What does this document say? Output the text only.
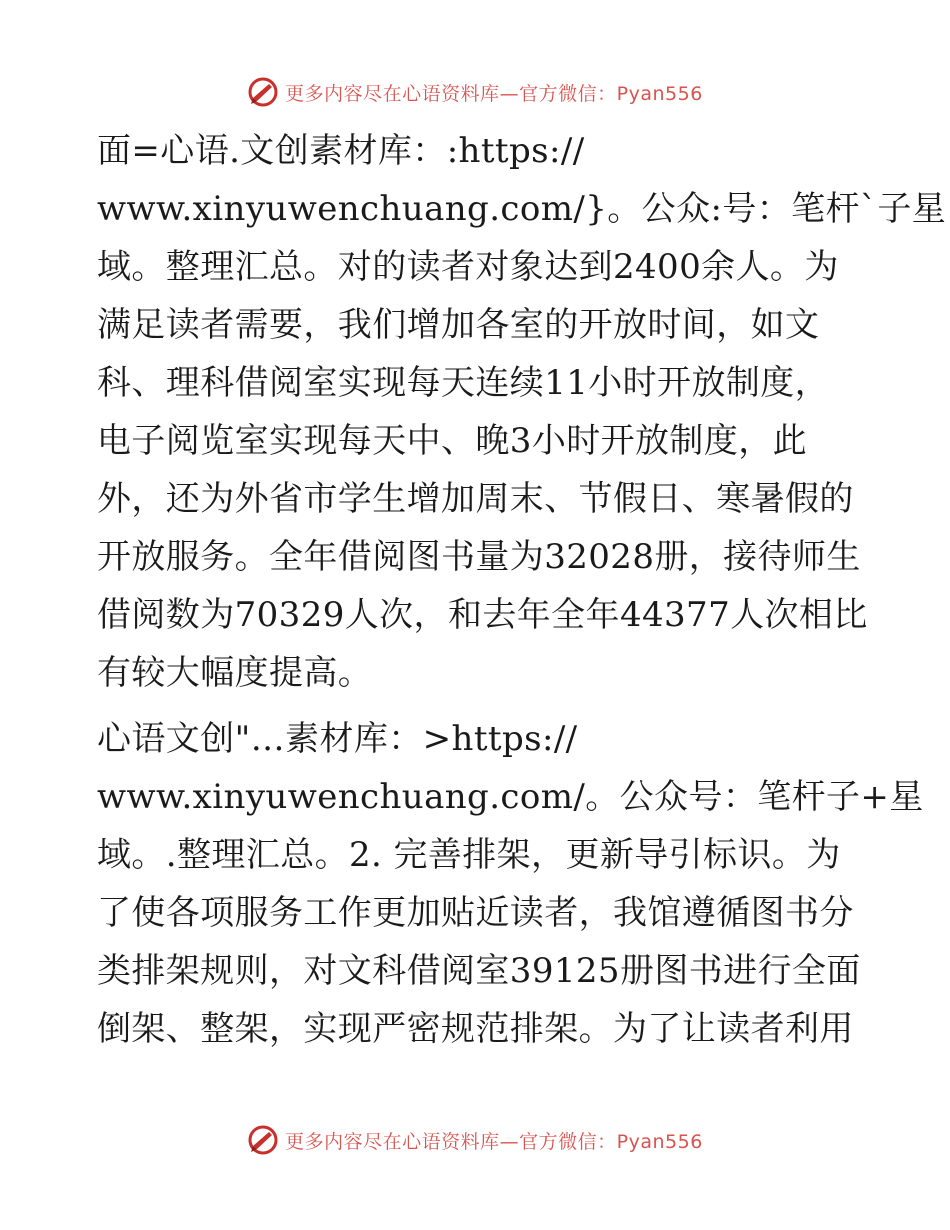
更多内容尽在心语资料库—官方微信：Pyan556
面=心语.文创素材库：:https://
www.xinyuwenchuang.com/}。公众:号：笔杆`子星
域。整理汇总。对的读者对象达到2400余人。为
满足读者需要，我们增加各室的开放时间，如文
科、理科借阅室实现每天连续11小时开放制度，
电子阅览室实现每天中、晚3小时开放制度，此
外，还为外省市学生增加周末、节假日、寒暑假的
开放服务。全年借阅图书量为32028册，接待师生
借阅数为70329人次，和去年全年44377人次相比
有较大幅度提高。
心语文创"…素材库：>https://
www.xinyuwenchuang.com/。公众号：笔杆子+星
域。.整理汇总。2. 完善排架，更新导引标识。为
了使各项服务工作更加贴近读者，我馆遵循图书分
类排架规则，对文科借阅室39125册图书进行全面
倒架、整架，实现严密规范排架。为了让读者利用
更多内容尽在心语资料库—官方微信：Pyan556
